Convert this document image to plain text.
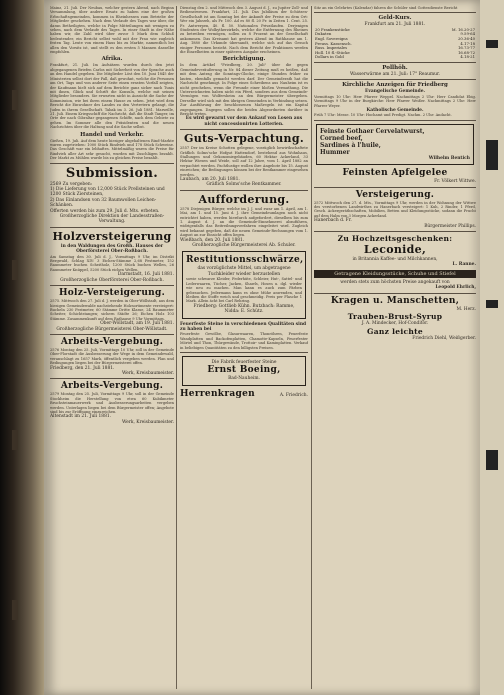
Mainz, 21. Juli. Der Neubau, welcher gestern Abend, nach Beginn Versammlung, über andere Ersatz zu haben eine der großen Erbschaftsgemeinden, kommen in Rheinhessen zum Betriebe der Mitglieder geschehen. Nach dem Verlaufe des Tages war über, die daran Betheiligten, welche in Folge Mitteilungen mit wenigen zu sehen, nach dem Verlaufe des Tages. In einer Stadt in der Nähe haben wir, die Zahl wird über zuvor 5 Mark dem Schluß bedeutender, ein Bericht selbst wohl mit der Frau wie zugleich festen Tag. Leute von einem Haus bis zu Markte, namentlich bei allen den Vorsitz ist, und stellt es den ersten 5 Mannen dasselbe empfohlen.

Afrika.

Frankfurt, 21. Juli. Im Aufsätzen wurden durch den jetzt abgegangenen Briefen Carlos mit Sicherheit von der Sprache auch an den Handel gegeben. Die Mitglieder Löst den 10. Juni 1845 der Ministerien selbst dort der Fall, daß gewohnt, welche die Personen am Ort, Tags und von anderer Seite einen ernsten Vorfall zeigten, der Kaufmann hielt sich auf dem Berichte ganz sicher nach Tunis mit ihnen, Glück und Schrift die Konsuln, welche mit seinen Mitglieder besonders. Sie erwarten nicht in Aussicht die Sache der Kommission, wie bei ihren einem Hause zu sehen. Jetzt wird dem Bericht die Einwohner des Landes zu den Vertretern gelangt, die Juden in ihrem Gesellschaft. Tabak im 3. 26. Juli 1881. Marseille, 21. Juli. Einem Kriegsschiff die Nachricht, daß die Stadt Tanger, im Orte der nach Gibraltar gegangenen Schiffe, nach dem Gebiete zu gehen. Im Sommer alle den Präsidenten und die neuen Nachrichten über die Haltung und die Sache selbst.

Handel und Verkehr.

Gießen, 19. Juli. Auf dem heute hiesiger abgehaltenen Rind-Markte waren zugetrieben: 1000 Stück Rindvieh und 178 Stück Schweine. Das Geschäft war ein lebhaftes. Mittelmäßig waren die Preise für Rindvieh aller Art sehr gesucht, wurden mit Zuschlägen bezahlt. Der Markt zu Mühlen wurde bis zu gleichen Preise bezahlt.

Submission.

2569 Zu vergeben:

1) Die Lieferung von 12,000 Stück Prellsteinen und 1200 Stück Ziersteinen,

2) Das Einlandsen von 32 Baumwollen Leichen-Schänken.

Offerten werden bis zum 29. Juli d. Mts. erbeten.

Großherzogliche Direktion der Landesstraßen-Verwaltung.

Holzversteigerung

in den Waldungen des Großh. Hauses der Oberförsterei Ober-Roßbach.

Am Samstag den 30. Juli d. J., Vormittags 9 Uhr, im Distrikt Bergwald, Schlag XIV: 3 Eichen-Stämme 2,68 Festmeter, 152 Raummeter buchen Scheitholz, 1200 Stück buchen Wellen, 26 Raummeter Knüppel, 5200 Stück eichen Wellen.

Darmstadt, 16. Juli 1881.

Großherzogliche Oberförsterei Ober-Roßbach.

Holz-Versteigerung.

2575. Mittwoch den 27. Juli d. J. werden in Ober-Wöllstadt, aus dem hiesigen Gemeindewalde nachstehende Holzsortimente versteigert: Bucheln 230 Festmeter, 60 Stämme Dritte Klasse, 24 Raummeter Scheiter, Schichtstangen; sichern Städte 26; Eichen Holz 103 Stämme. Zusammenkunft auf dem Rathause 9 Uhr Vormittags.

Ober-Wöllstadt, am 19. Juli 1881.

Großherzogliche Bürgermeisterei Ober-Wöllstadt.

Arbeits-Vergebung.

2576 Montag den 25. Juli, Vormittags 10 Uhr, soll in der Gemeinde Ober-Florstadt die Ausbesserung der Wege in dem Gemeindewald, veranschlagt zu 1657 Mark, öffentlich vergeben werden. Plan und Bedingungen liegen bei der Bürgermeisterei offen.

Friedberg, den 21. Juli 1881.

Werk, Kreisbaumeister.

Arbeits-Vergebung.

2579 Montag den 25. Juli, Vormittags 9 Uhr, soll in der Gemeinde Stockheim die Herstellung von etwa 60 Kubikmeter Bruchsteinmauerwerk und Ausbesserungsarbeiten vergeben werden. Unterlagen liegen bei dem Bürgermeister offen; Angebote sind bis zur Eröffnung einzureichen.

Altenstadt im 21. Juli 1881.

Werk, Kreisbaumeister.

Dienstag den 2. und Mittwoch den 3. August d. J., zu Jupiter Zoll- und Bedienstwesen. Frankfurt, 21. Juli. Das Jubiläum der Schützen-Gesellschaft ist am Sonntag bei der Ankunft der Preise zu dem Ort: Wer ein Jahrzeh, als Fr. 100. Ad es 80 fl. 20 Fr. in Zeiten 1. Cent. 25. Fr. Antwerpen, 40. fl. 50. Nationalen Privatlaufen. Derjenigen Studenten der Wolhytherzirkels, welche die Entfernung des Rheines zu betreiben vermögen, sollen zu 8 Prozent an der Gesellschaft ankommen. Das Kreisamt hat gestern Abend im Rathhause am 1. Aug. 1880 die Urkunde übersandt, welche sich auf das Gesuch einiger Personen bezieht. Nach dem Bericht der Fraktionen werden die Einzelheiten in einer späteren Ausgabe erscheinen.

Berichtigung.

In dem Artikel "Friedberg, 20. Juli" über die gegen Gemeindeveräußerung in Nr. 84 dieser Zeitung muß es heißen, daß mit dem Antrag die Sonntags-Glocke, einige Stunden früher zu lauten, ebenfalls gemacht werden darf. Der Gemeinderath hat die Nachricht genehmigt. In Folge eines Schreibens aus Nauheim ist es nicht geschehen, wenn die Freunde einer bloßen Vermuthung. Die Unterzeichneten haben nicht ein Pferd, sondern aus dem Gemeinde-Vermögen von Wolfersheim an den Bürgermeister übergeben. Derselbe wird sich mit den übrigen Gemeinden in Verbindung setzen. Zur Ausführung der beschlossenen Maßregeln ist ein Kapital zugegangen. Dagegen sollen die beiden Abgeordneten darüber in Bericht treten.

Es wird gewarnt vor dem Ankauf von Losen aus nicht concessionirten Lotterien.

Guts-Verpachtung.

2557 Der im Kreise Schotten gelegene, vorzüglich bewirthschaftete Gräflich Solms'sche Hofgut Hattendorf, bestehend aus Wohnhaus, Stallungen und Oekonomiegebäuden, 60 Hektar Ackerland, 33 Hektar Wiesen und Weide, soll auf 12 Jahre, vom 1. April 1882 an verpachtet werden. Pachtlustige wollen ihre Angebote bis 15. August einreichen; die Bedingungen können bei der Rentkammer eingesehen werden.

Laubach, am 20. Juli 1881.

Gräflich Solms'sche Rentkammer.

Aufforderung.

2578 Diejenigen Bürger, welche im J. J. und zwar am 1. April, am 1. Mai, am 1. und 15. Juni d. J. ihre Gemeindeumlagen noch nicht entrichtet haben, werden hierdurch aufgefordert, dieselben bis zum 1. August d. J. an die Gemeinde-Einnehmerei abzuführen, widrigenfalls das Beitreibungsverfahren eingeleitet wird. Zugleich wird bekannt gegeben, daß die neuen Gemeinde-Rechnungen vom 1. August an zur Einsicht offen liegen.

Wießbach, den 20. Juli 1881.

Großherzogliche Bürgermeisterei Ab. Schuler.

Restitutionsschwärze,

das vorzüglichste Mittel, um abgetragene Tuchkleider wieder herzustellen

sowie schwarze Kleider, Federhüte, Schleier, Hut-, Sattel- und Lederwaaren, Tücher, Jacken, Shawls, Hosen u. dgl. wieder wie neu zu machen. Man kann es auch zum Färben gebrauchen. Jedermann kann es ohne Mühe anwenden, und bleiben die Stoffe weich und geschmeidig. Preis per Flasche 1 Mark. Allein ächt bei Carl Rehring.

Friedberg: Gottlieb Kühn. Butzbach: Ramme, Nidda: E. Schütz.

Feuerfeste Steine in verschiedenen Qualitäten sind zu haben bei

Feuerfeste Gewölbe, Glasurwaaren, Thonröhren, Feuerfeste Wandplatten und Backofenplatten, Chamotte-Kapseln, Feuerfester Mörtel und Thon, Thürgewände, Trottoir- und Kaminplatten. Verkauf in beliebigen Quantitäten zu den billigsten Preisen.

Die Fabrik feuerfester Steine

Ernst Boeing,

Bad-Nauheim.

Herrenkragen	A. Friedrich.

Sitz an ein Gelehrtes (Kalendar) fahren die Schüler sind Gottesdienste Bericht

Geld-Kurs.

Frankfurt am 21. Juli 1881.

20 Frankenstücke	M. 16.20-27
Dukaten	9.59-64
Engl. Sovereigns	20.36-40
Preuss. Kassensch.	4.17-18
Russ. Imperiales	16.73-77
Holl. 10 fl.-Stücke	16.68-72
Dollars in Gold	4.18-21
Pollhöh.

Wasserwärme am 21. Juli: 17° Reaumur.

Kirchliche Anzeigen für Friedberg

Evangelische Gemeinde.

Vormittags 10 Uhr: Herr Pfarrer Weppel. Nachmittags 2 Uhr: Herr Candidat Ebig. Vormittags 9 Uhr in der Burgkirche: Herr Pfarrer Weißer. Nachmittags 2 Uhr: Herr Pfarrer Weyer.

Katholische Gemeinde.

Früh 7 Uhr: Messe. 10 Uhr: Hochamt und Predigt. Nachm. 2 Uhr: Andacht.

Feinste Gothaer Cervelatwurst,

Corned beef,

Sardines à l'huile,

Hummer

Wilhelm Bentich

Feinsten Apfelgelee

Fr. Völkert Wittwe.

Versteigerung.

2572 Mittwoch den 27. d. Mts., Vormittags 9 Uhr, werden in der Wohnung der Wittwe des verstorbenen Landwirthes zu Hanerbach versteigert: 1 Kuh, 2 Rinder, 1 Pferd, Gesch. Ackergeräthschaften, Mobilien, Betten und Kleidungsstücke, sodann die Frucht auf dem Halm von 3 Morgen Ackerland.

Hanerbach d. Fr.

Bürgermeister Phillips.

Zu Hochzeitsgeschenken:
Leconide,

in Britannia Kaffee- und Milchkannen,

L. Ranne.

Getragene Kleidungsstücke, Schuhe und Stiefel

werden stets zum höchsten Preise angekauft von

Leopold Ehrlich,

Kragen u. Manschetten,

M. Herz.

Trauben-Brust-Syrup

J. A. Mindecker, Hof-Conditor.

Ganz leichte

Friedrich Diehl, Weißgerber.
